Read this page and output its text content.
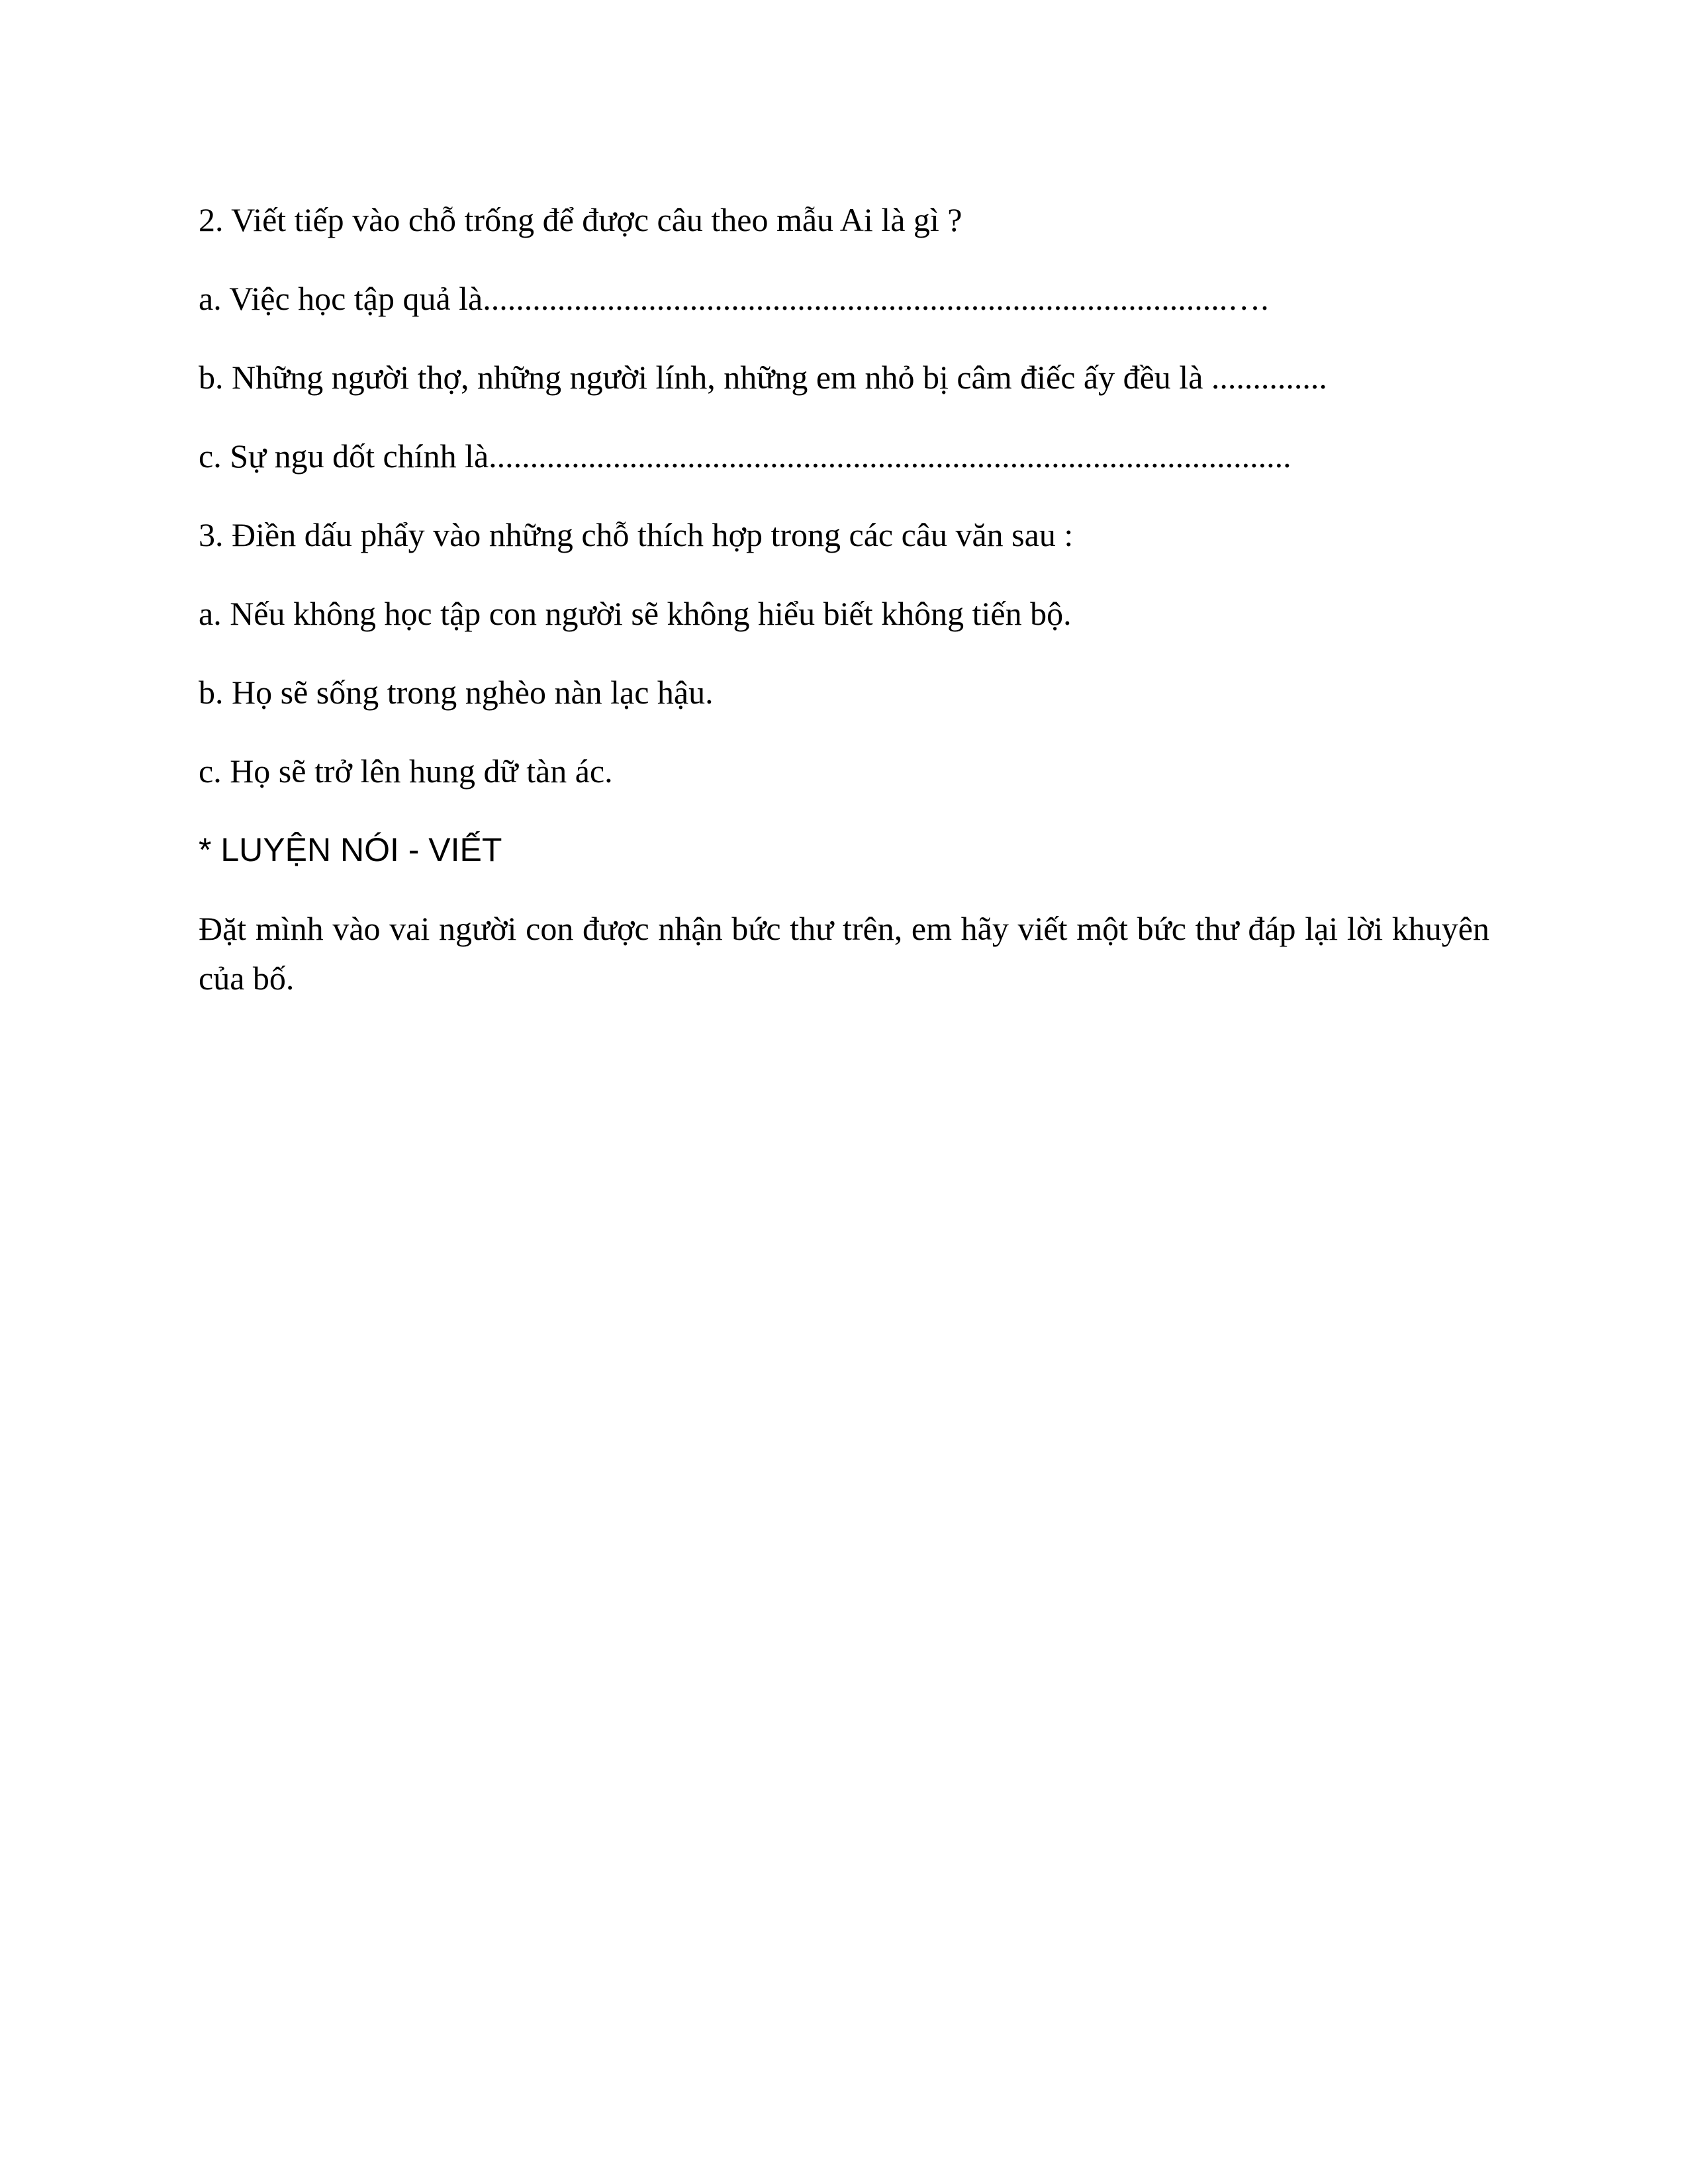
2. Viết tiếp vào chỗ trống để được câu theo mẫu Ai là gì ?

a. Việc học tập quả là..........................................................................................….

b. Những người thợ, những người lính, những em nhỏ bị câm điếc ấy đều là ..............

c. Sự ngu dốt chính là.................................................................................................

3. Điền dấu phẩy vào những chỗ thích hợp trong các câu văn sau :

a. Nếu không học tập con người sẽ không hiểu biết không tiến bộ.

b. Họ sẽ sống trong nghèo nàn lạc hậu.

c. Họ sẽ trở lên hung dữ tàn ác.

* LUYỆN NÓI - VIẾT

Đặt mình vào vai người con được nhận bức thư trên, em hãy viết một bức thư đáp lại lời khuyên của bố.
